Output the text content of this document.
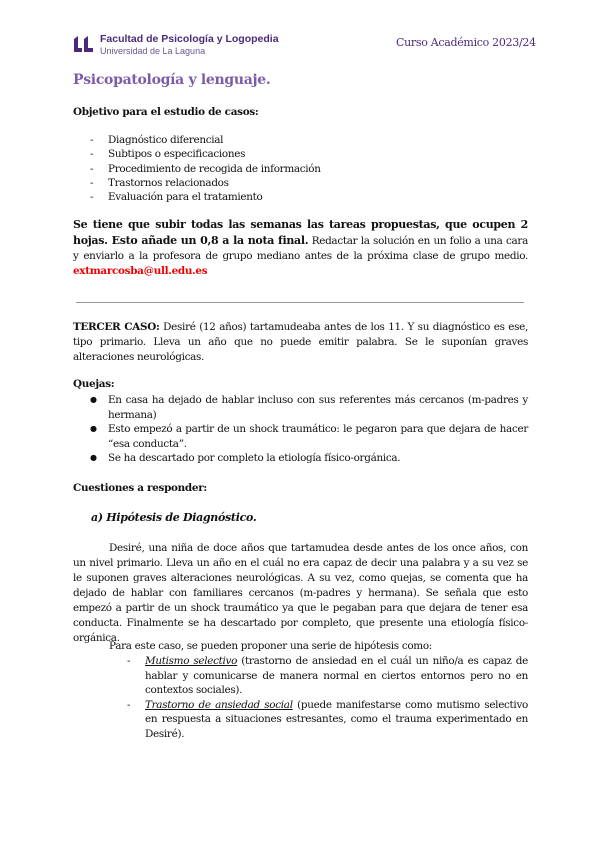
Facultad de Psicología y Logopedia
Universidad de La Laguna
Curso Académico 2023/24
Psicopatología y lenguaje.
Objetivo para el estudio de casos:
- Diagnóstico diferencial
- Subtipos o especificaciones
- Procedimiento de recogida de información
- Trastornos relacionados
- Evaluación para el tratamiento

Se tiene que subir todas las semanas las tareas propuestas, que ocupen 2 hojas. Esto añade un 0,8 a la nota final. Redactar la solución en un folio a una cara y enviarlo a la profesora de grupo mediano antes de la próxima clase de grupo medio. extmarcosba@ull.edu.es

TERCER CASO: Desiré (12 años) tartamudeaba antes de los 11. Y su diagnóstico es ese, tipo primario. Lleva un año que no puede emitir palabra. Se le suponían graves alteraciones neurológicas.

Quejas:
● En casa ha dejado de hablar incluso con sus referentes más cercanos (m-padres y hermana)
● Esto empezó a partir de un shock traumático: le pegaron para que dejara de hacer “esa conducta”.
● Se ha descartado por completo la etiología físico-orgánica.
Cuestiones a responder:
a) Hipótesis de Diagnóstico.

Desiré, una niña de doce años que tartamudea desde antes de los once años, con un nivel primario. Lleva un año en el cuál no era capaz de decir una palabra y a su vez se le suponen graves alteraciones neurológicas. A su vez, como quejas, se comenta que ha dejado de hablar con familiares cercanos (m-padres y hermana). Se señala que esto empezó a partir de un shock traumático ya que le pegaban para que dejara de tener esa conducta. Finalmente se ha descartado por completo, que presente una etiología físico-orgánica.

Para este caso, se pueden proponer una serie de hipótesis como:

- Mutismo selectivo (trastorno de ansiedad en el cuál un niño/a es capaz de hablar y comunicarse de manera normal en ciertos entornos pero no en contextos sociales).
- Trastorno de ansiedad social (puede manifestarse como mutismo selectivo en respuesta a situaciones estresantes, como el trauma experimentado en Desiré).
